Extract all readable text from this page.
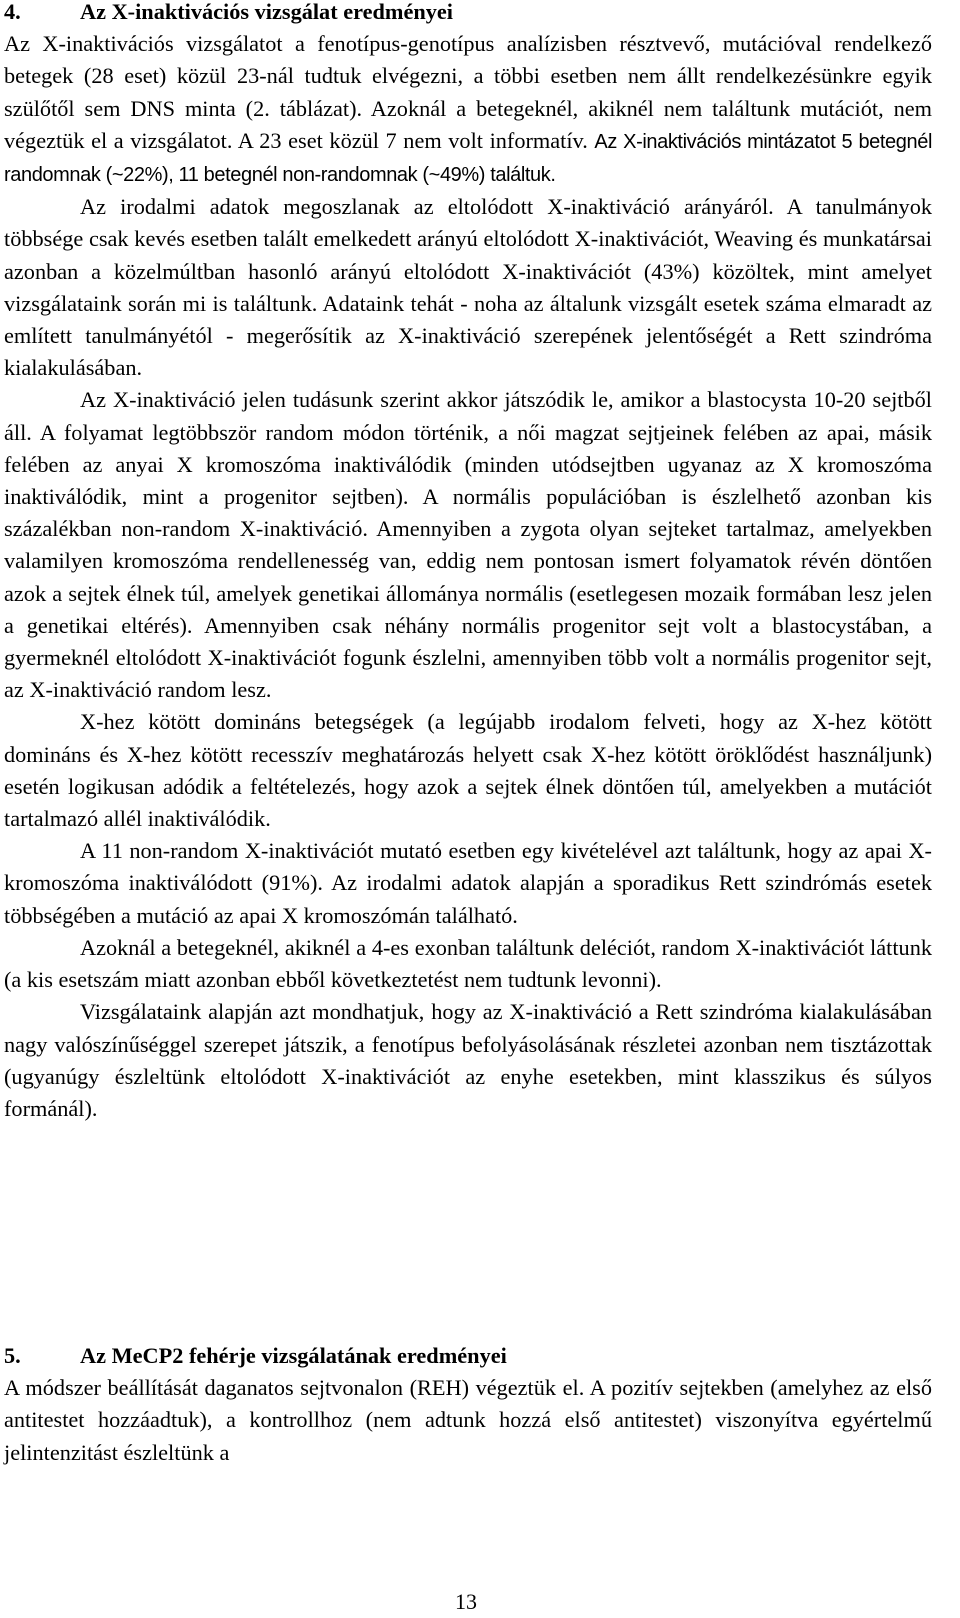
4.	Az X-inaktivációs vizsgálat eredményei

Az X-inaktivációs vizsgálatot a fenotípus-genotípus analízisben résztvevő, mutációval rendelkező betegek (28 eset) közül 23-nál tudtuk elvégezni, a többi esetben nem állt rendelkezésünkre egyik szülőtől sem DNS minta (2. táblázat). Azoknál a betegeknél, akiknél nem találtunk mutációt, nem végeztük el a vizsgálatot. A 23 eset közül 7 nem volt informatív. Az X-inaktivációs mintázatot 5 betegnél randomnak (~22%), 11 betegnél non-randomnak (~49%) találtuk.

Az irodalmi adatok megoszlanak az eltolódott X-inaktiváció arányáról. A tanulmányok többsége csak kevés esetben talált emelkedett arányú eltolódott X-inaktivációt, Weaving és munkatársai azonban a közelmúltban hasonló arányú eltolódott X-inaktivációt (43%) közöltek, mint amelyet vizsgálataink során mi is találtunk. Adataink tehát - noha az általunk vizsgált esetek száma elmaradt az említett tanulmányétól - megerősítik az X-inaktiváció szerepének jelentőségét a Rett szindróma kialakulásában.

Az X-inaktiváció jelen tudásunk szerint akkor játszódik le, amikor a blastocysta 10-20 sejtből áll. A folyamat legtöbbször random módon történik, a női magzat sejtjeinek felében az apai, másik felében az anyai X kromoszóma inaktiválódik (minden utódsejtben ugyanaz az X kromoszóma inaktiválódik, mint a progenitor sejtben). A normális populációban is észlelhető azonban kis százalékban non-random X-inaktiváció. Amennyiben a zygota olyan sejteket tartalmaz, amelyekben valamilyen kromoszóma rendellenesség van, eddig nem pontosan ismert folyamatok révén döntően azok a sejtek élnek túl, amelyek genetikai állománya normális (esetlegesen mozaik formában lesz jelen a genetikai eltérés). Amennyiben csak néhány normális progenitor sejt volt a blastocystában, a gyermeknél eltolódott X-inaktivációt fogunk észlelni, amennyiben több volt a normális progenitor sejt, az X-inaktiváció random lesz.

X-hez kötött domináns betegségek (a legújabb irodalom felveti, hogy az X-hez kötött domináns és X-hez kötött recesszív meghatározás helyett csak X-hez kötött öröklődést használjunk) esetén logikusan adódik a feltételezés, hogy azok a sejtek élnek döntően túl, amelyekben a mutációt tartalmazó allél inaktiválódik.

A 11 non-random X-inaktivációt mutató esetben egy kivételével azt találtunk, hogy az apai X-kromoszóma inaktiválódott (91%). Az irodalmi adatok alapján a sporadikus Rett szindrómás esetek többségében a mutáció az apai X kromoszómán található.

Azoknál a betegeknél, akiknél a 4-es exonban találtunk deléciót, random X-inaktivációt láttunk (a kis esetszám miatt azonban ebből következtetést nem tudtunk levonni).

Vizsgálataink alapján azt mondhatjuk, hogy az X-inaktiváció a Rett szindróma kialakulásában nagy valószínűséggel szerepet játszik, a fenotípus befolyásolásának részletei azonban nem tisztázottak (ugyanúgy észleltünk eltolódott X-inaktivációt az enyhe esetekben, mint klasszikus és súlyos formánál).

5.	Az MeCP2 fehérje vizsgálatának eredményei

A módszer beállítását daganatos sejtvonalon (REH) végeztük el. A pozitív sejtekben (amelyhez az első antitestet hozzáadtuk), a kontrollhoz (nem adtunk hozzá első antitestet) viszonyítva egyértelmű jelintenzitást észleltünk a

13
